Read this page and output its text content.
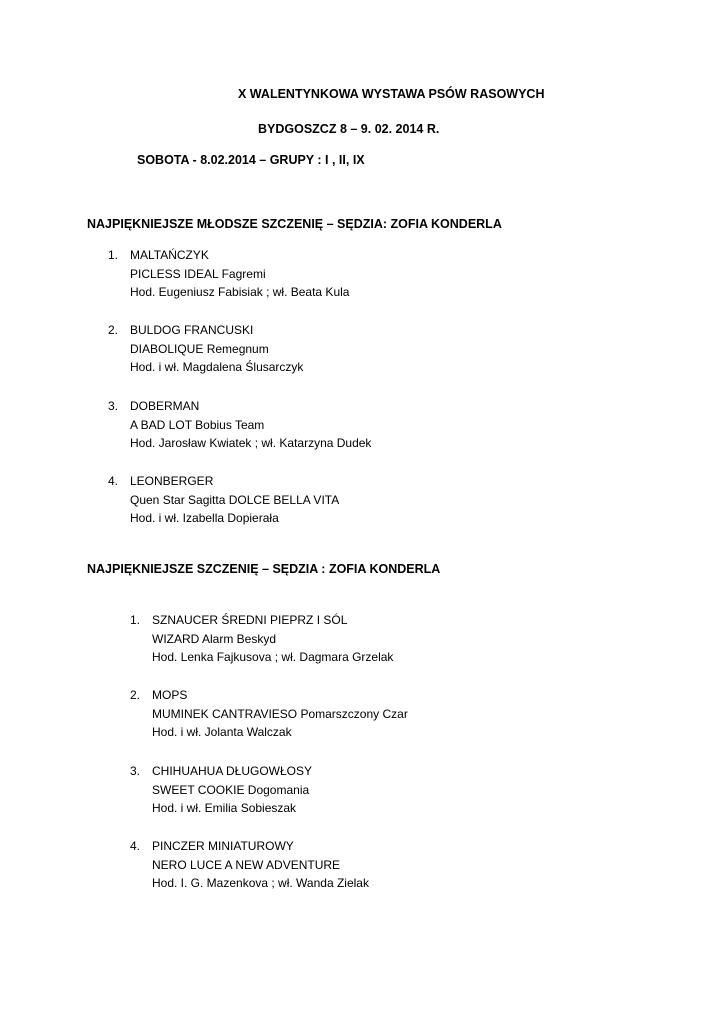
X WALENTYNKOWA WYSTAWA PSÓW RASOWYCH
BYDGOSZCZ 8 – 9. 02. 2014 R.
SOBOTA - 8.02.2014 – GRUPY : I , II, IX
NAJPIĘKNIEJSZE MŁODSZE SZCZENIĘ – SĘDZIA: ZOFIA KONDERLA
1. MALTAŃCZYK
PICLESS IDEAL Fagremi
Hod. Eugeniusz Fabisiak ; wł. Beata Kula
2. BULDOG FRANCUSKI
DIABOLIQUE Remegnum
Hod. i wł. Magdalena Ślusarczyk
3. DOBERMAN
A BAD LOT Bobius Team
Hod. Jarosław Kwiatek ; wł. Katarzyna Dudek
4. LEONBERGER
Quen Star Sagitta DOLCE BELLA VITA
Hod. i wł. Izabella Dopierała
NAJPIĘKNIEJSZE SZCZENIĘ – SĘDZIA : ZOFIA KONDERLA
1. SZNAUCER ŚREDNI PIEPRZ I SÓL
WIZARD Alarm Beskyd
Hod. Lenka Fajkusova ; wł. Dagmara Grzelak
2. MOPS
MUMINEK CANTRAVIESO Pomarszczony Czar
Hod. i wł. Jolanta Walczak
3. CHIHUAHUA DŁUGOWŁOSY
SWEET COOKIE Dogomania
Hod. i wł. Emilia Sobieszak
4. PINCZER MINIATUROWY
NERO LUCE A NEW ADVENTURE
Hod. I. G. Mazenkova ; wł. Wanda Zielak
